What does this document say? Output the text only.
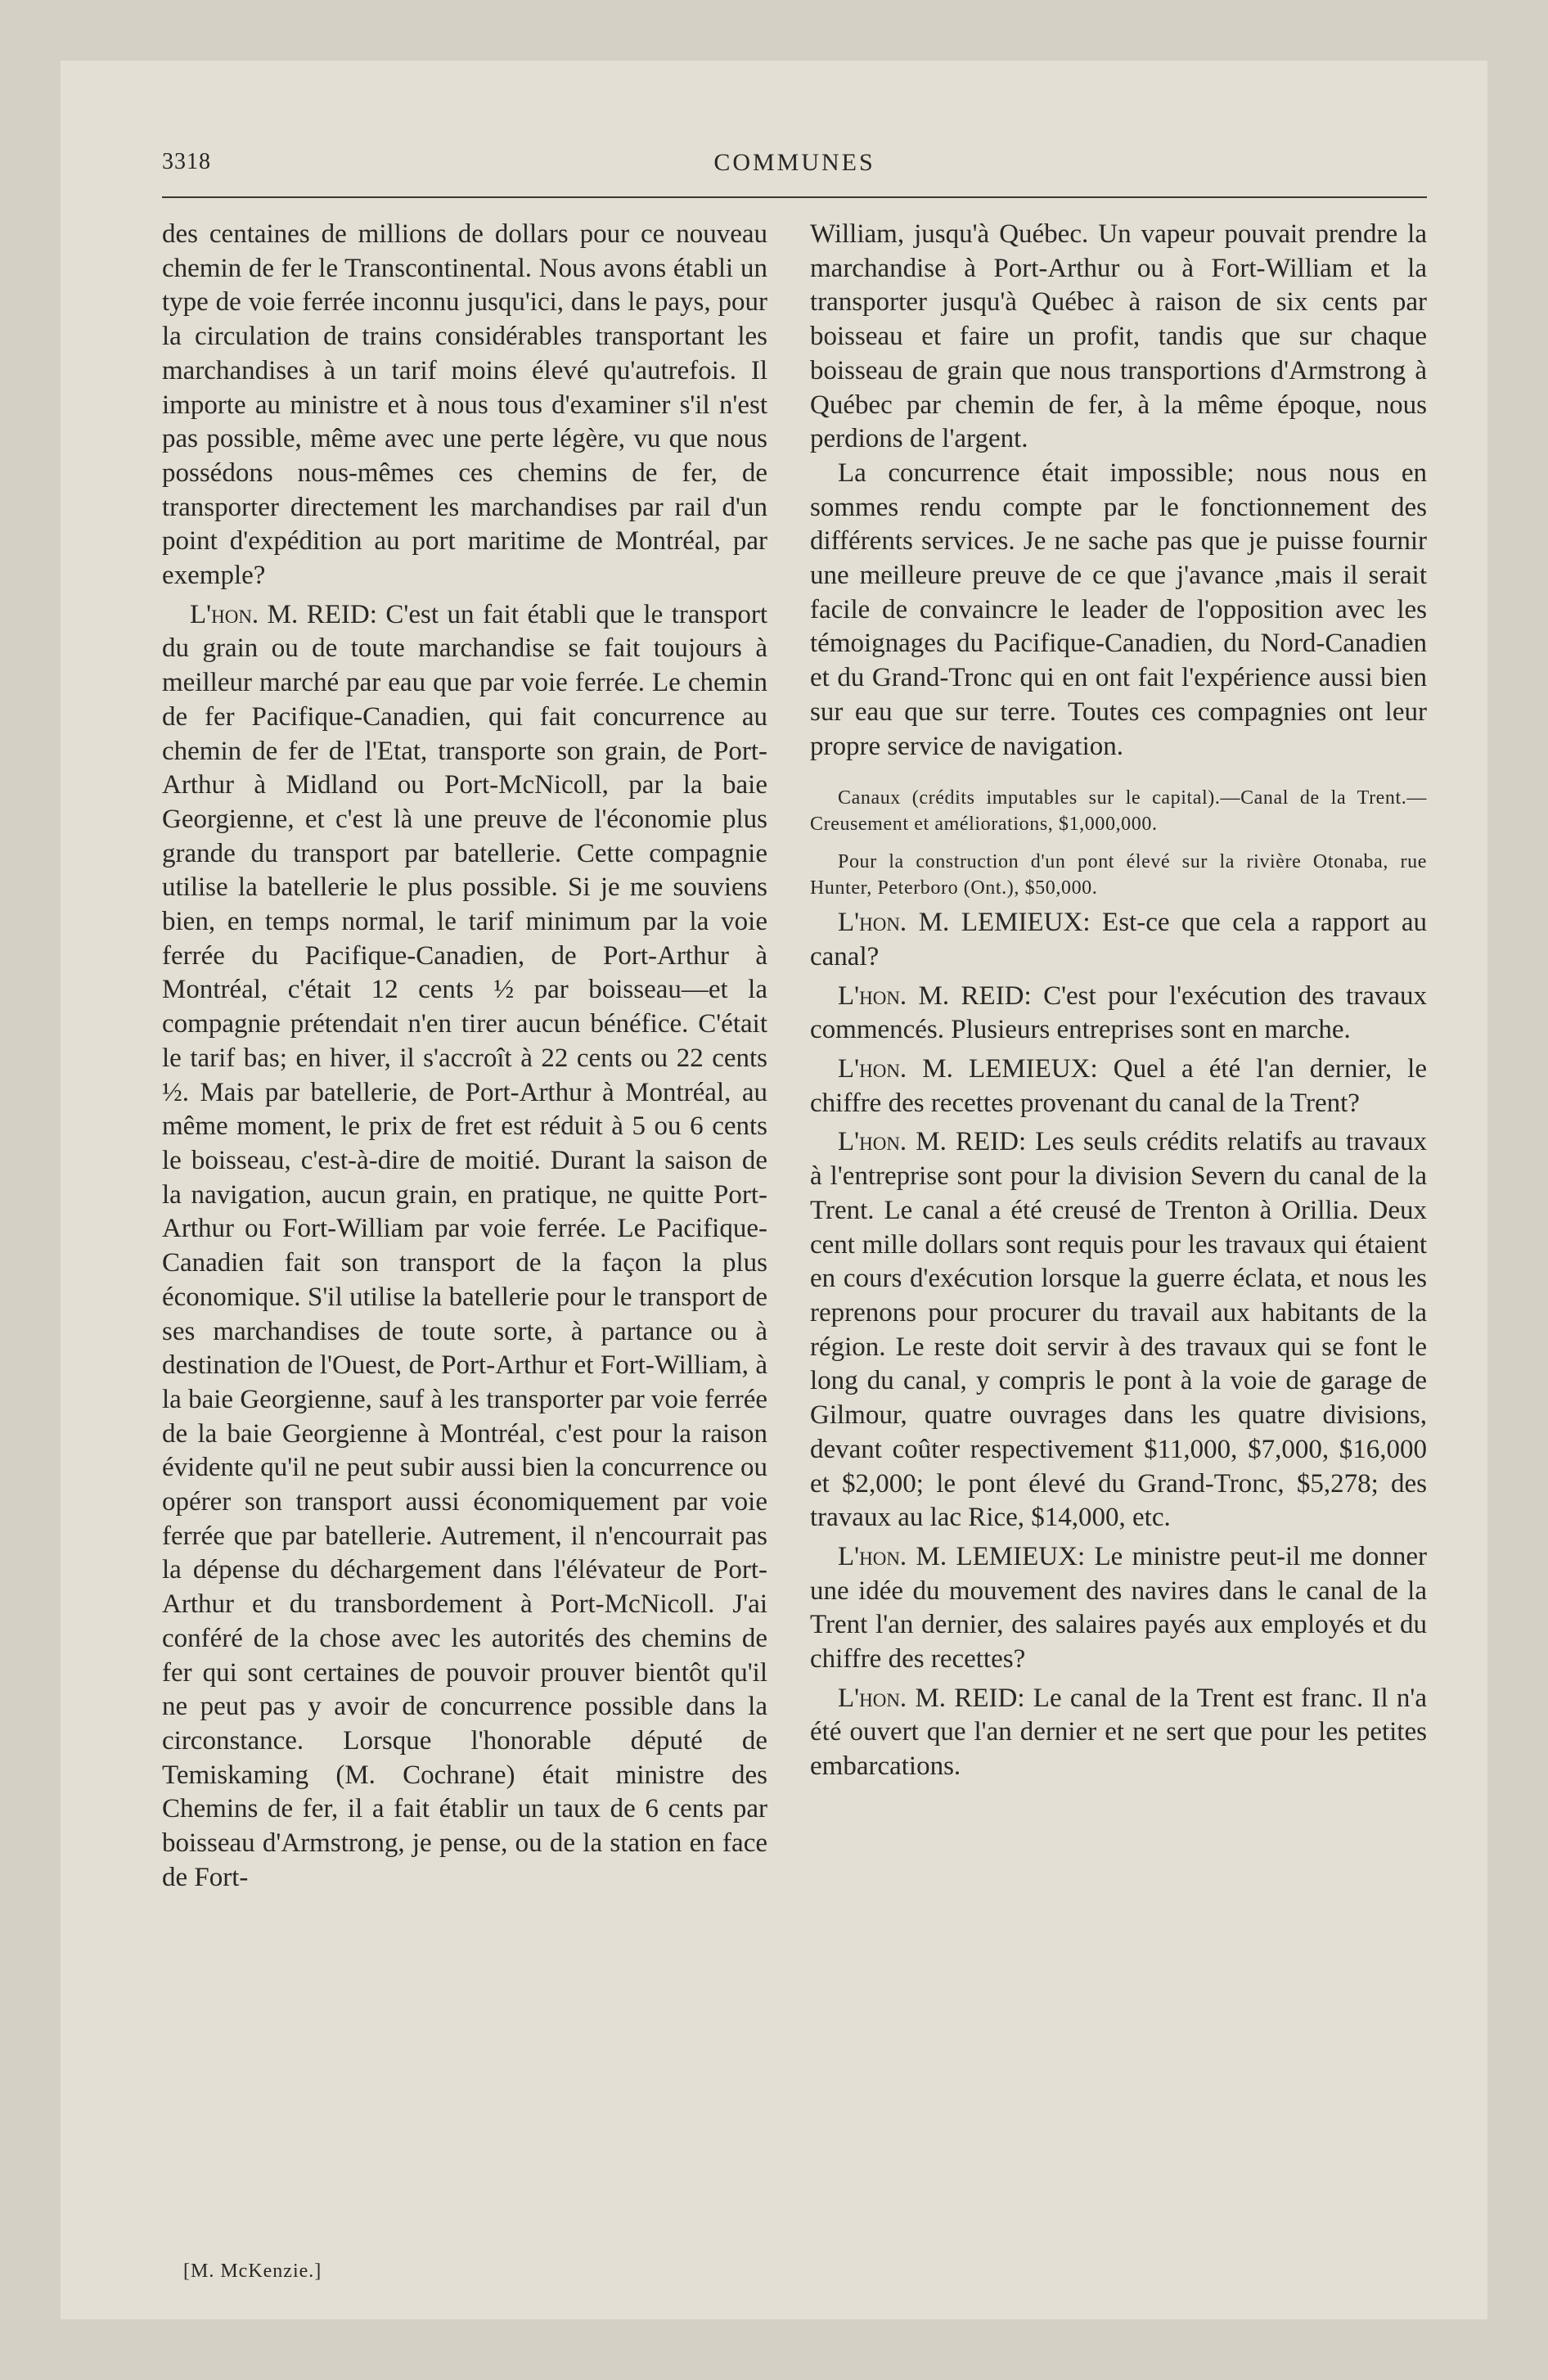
3318	COMMUNES

des centaines de millions de dollars pour ce nouveau chemin de fer le Transcontinental. Nous avons établi un type de voie ferrée inconnu jusqu'ici, dans le pays, pour la circulation de trains considérables transportant les marchandises à un tarif moins élevé qu'autrefois. Il importe au ministre et à nous tous d'examiner s'il n'est pas possible, même avec une perte légère, vu que nous possédons nous-mêmes ces chemins de fer, de transporter directement les marchandises par rail d'un point d'expédition au port maritime de Montréal, par exemple?

L'hon. M. REID: C'est un fait établi que le transport du grain ou de toute marchandise se fait toujours à meilleur marché par eau que par voie ferrée. Le chemin de fer Pacifique-Canadien, qui fait concurrence au chemin de fer de l'Etat, transporte son grain, de Port-Arthur à Midland ou Port-McNicoll, par la baie Georgienne, et c'est là une preuve de l'économie plus grande du transport par batellerie. Cette compagnie utilise la batellerie le plus possible. Si je me souviens bien, en temps normal, le tarif minimum par la voie ferrée du Pacifique-Canadien, de Port-Arthur à Montréal, c'était 12 cents ½ par boisseau—et la compagnie prétendait n'en tirer aucun bénéfice. C'était le tarif bas; en hiver, il s'accroît à 22 cents ou 22 cents ½. Mais par batellerie, de Port-Arthur à Montréal, au même moment, le prix de fret est réduit à 5 ou 6 cents le boisseau, c'est-à-dire de moitié. Durant la saison de la navigation, aucun grain, en pratique, ne quitte Port-Arthur ou Fort-William par voie ferrée. Le Pacifique-Canadien fait son transport de la façon la plus économique. S'il utilise la batellerie pour le transport de ses marchandises de toute sorte, à partance ou à destination de l'Ouest, de Port-Arthur et Fort-William, à la baie Georgienne, sauf à les transporter par voie ferrée de la baie Georgienne à Montréal, c'est pour la raison évidente qu'il ne peut subir aussi bien la concurrence ou opérer son transport aussi économiquement par voie ferrée que par batellerie. Autrement, il n'encourrait pas la dépense du déchargement dans l'élévateur de Port-Arthur et du transbordement à Port-McNicoll. J'ai conféré de la chose avec les autorités des chemins de fer qui sont certaines de pouvoir prouver bientôt qu'il ne peut pas y avoir de concurrence possible dans la circonstance. Lorsque l'honorable député de Temiskaming (M. Cochrane) était ministre des Chemins de fer, il a fait établir un taux de 6 cents par boisseau d'Armstrong, je pense, ou de la station en face de Fort-

William, jusqu'à Québec. Un vapeur pouvait prendre la marchandise à Port-Arthur ou à Fort-William et la transporter jusqu'à Québec à raison de six cents par boisseau et faire un profit, tandis que sur chaque boisseau de grain que nous transportions d'Armstrong à Québec par chemin de fer, à la même époque, nous perdions de l'argent.

La concurrence était impossible; nous nous en sommes rendu compte par le fonctionnement des différents services. Je ne sache pas que je puisse fournir une meilleure preuve de ce que j'avance ,mais il serait facile de convaincre le leader de l'opposition avec les témoignages du Pacifique-Canadien, du Nord-Canadien et du Grand-Tronc qui en ont fait l'expérience aussi bien sur eau que sur terre. Toutes ces compagnies ont leur propre service de navigation.

Canaux (crédits imputables sur le capital).—Canal de la Trent.—Creusement et améliorations, $1,000,000.

Pour la construction d'un pont élevé sur la rivière Otonaba, rue Hunter, Peterboro (Ont.), $50,000.

L'hon. M. LEMIEUX: Est-ce que cela a rapport au canal?

L'hon. M. REID: C'est pour l'exécution des travaux commencés. Plusieurs entreprises sont en marche.

L'hon. M. LEMIEUX: Quel a été l'an dernier, le chiffre des recettes provenant du canal de la Trent?

L'hon. M. REID: Les seuls crédits relatifs au travaux à l'entreprise sont pour la division Severn du canal de la Trent. Le canal a été creusé de Trenton à Orillia. Deux cent mille dollars sont requis pour les travaux qui étaient en cours d'exécution lorsque la guerre éclata, et nous les reprenons pour procurer du travail aux habitants de la région. Le reste doit servir à des travaux qui se font le long du canal, y compris le pont à la voie de garage de Gilmour, quatre ouvrages dans les quatre divisions, devant coûter respectivement $11,000, $7,000, $16,000 et $2,000; le pont élevé du Grand-Tronc, $5,278; des travaux au lac Rice, $14,000, etc.

L'hon. M. LEMIEUX: Le ministre peut-il me donner une idée du mouvement des navires dans le canal de la Trent l'an dernier, des salaires payés aux employés et du chiffre des recettes?

L'hon. M. REID: Le canal de la Trent est franc. Il n'a été ouvert que l'an dernier et ne sert que pour les petites embarcations.

[M. McKenzie.]
